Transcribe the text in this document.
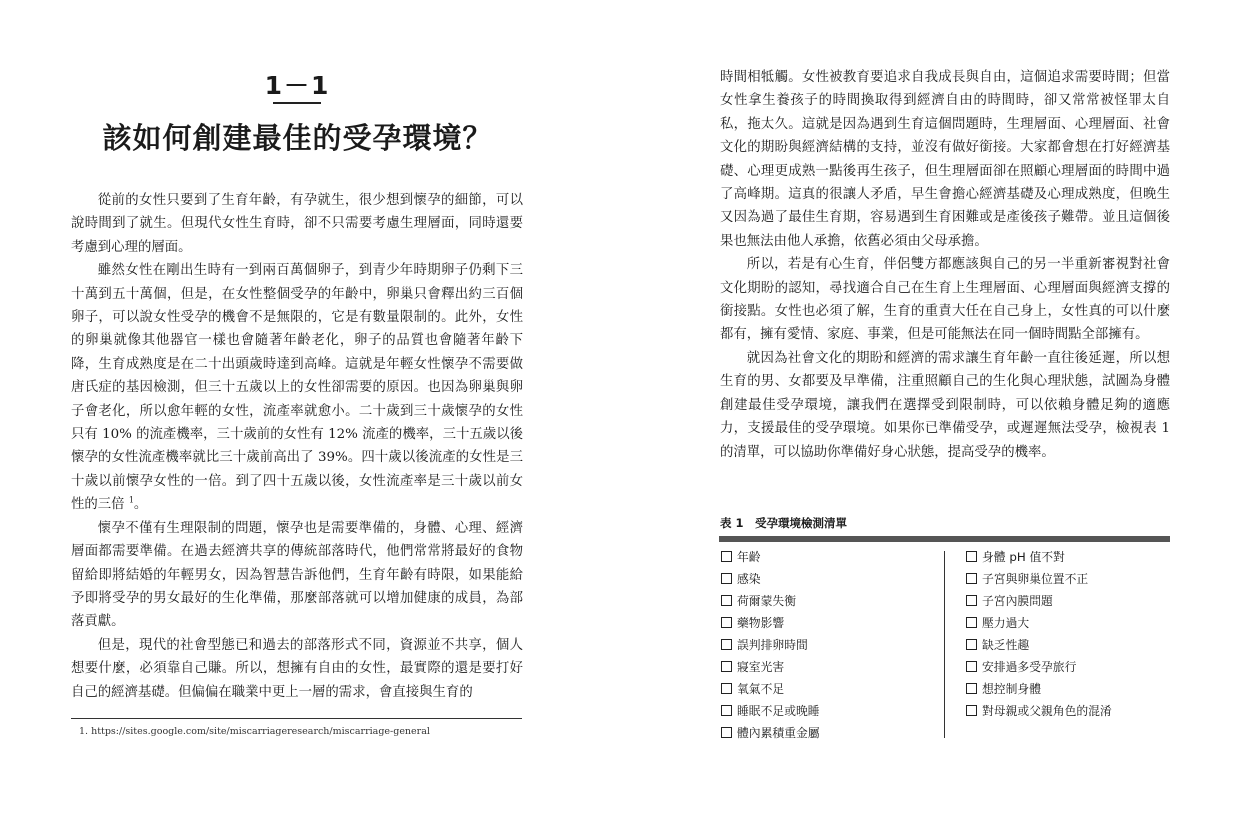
1－1
該如何創建最佳的受孕環境？

從前的女性只要到了生育年齡，有孕就生，很少想到懷孕的細節，可以說時間到了就生。但現代女性生育時，卻不只需要考慮生理層面，同時還要考慮到心理的層面。

雖然女性在剛出生時有一到兩百萬個卵子，到青少年時期卵子仍剩下三十萬到五十萬個，但是，在女性整個受孕的年齡中，卵巢只會釋出約三百個卵子，可以說女性受孕的機會不是無限的，它是有數量限制的。此外，女性的卵巢就像其他器官一樣也會隨著年齡老化，卵子的品質也會隨著年齡下降，生育成熟度是在二十出頭歲時達到高峰。這就是年輕女性懷孕不需要做唐氏症的基因檢測，但三十五歲以上的女性卻需要的原因。也因為卵巢與卵子會老化，所以愈年輕的女性，流產率就愈小。二十歲到三十歲懷孕的女性只有 10% 的流產機率，三十歲前的女性有 12% 流產的機率，三十五歲以後懷孕的女性流產機率就比三十歲前高出了 39%。四十歲以後流產的女性是三十歲以前懷孕女性的一倍。到了四十五歲以後，女性流產率是三十歲以前女性的三倍 $^1$。

懷孕不僅有生理限制的問題，懷孕也是需要準備的，身體、心理、經濟層面都需要準備。在過去經濟共享的傳統部落時代，他們常常將最好的食物留給即將結婚的年輕男女，因為智慧告訴他們，生育年齡有時限，如果能給予即將受孕的男女最好的生化準備，那麼部落就可以增加健康的成員，為部落貢獻。

但是，現代的社會型態已和過去的部落形式不同，資源並不共享，個人想要什麼，必須靠自己賺。所以，想擁有自由的女性，最實際的還是要打好自己的經濟基礎。但偏偏在職業中更上一層的需求，會直接與生育的

1. https://sites.google.com/site/miscarriageresearch/miscarriage-general

時間相牴觸。女性被教育要追求自我成長與自由，這個追求需要時間；但當女性拿生養孩子的時間換取得到經濟自由的時間時，卻又常常被怪罪太自私，拖太久。這就是因為遇到生育這個問題時，生理層面、心理層面、社會文化的期盼與經濟結構的支持，並沒有做好銜接。大家都會想在打好經濟基礎、心理更成熟一點後再生孩子，但生理層面卻在照顧心理層面的時間中過了高峰期。這真的很讓人矛盾，早生會擔心經濟基礎及心理成熟度，但晚生又因為過了最佳生育期，容易遇到生育困難或是產後孩子難帶。並且這個後果也無法由他人承擔，依舊必須由父母承擔。

所以，若是有心生育，伴侶雙方都應該與自己的另一半重新審視對社會文化期盼的認知，尋找適合自己在生育上生理層面、心理層面與經濟支撐的銜接點。女性也必須了解，生育的重責大任在自己身上，女性真的可以什麼都有，擁有愛情、家庭、事業，但是可能無法在同一個時間點全部擁有。

就因為社會文化的期盼和經濟的需求讓生育年齡一直往後延遲，所以想生育的男、女都要及早準備，注重照顧自己的生化與心理狀態，試圖為身體創建最佳受孕環境，讓我們在選擇受到限制時，可以依賴身體足夠的適應力，支援最佳的受孕環境。如果你已準備受孕，或遲遲無法受孕，檢視表 1 的清單，可以協助你準備好身心狀態，提高受孕的機率。

表 1　受孕環境檢測清單
年齡
感染
荷爾蒙失衡
藥物影響
誤判排卵時間
寢室光害
氧氣不足
睡眠不足或晚睡
體內累積重金屬
身體 pH 值不對
子宮與卵巢位置不正
子宮內膜問題
壓力過大
缺乏性趣
安排過多受孕旅行
想控制身體
對母親或父親角色的混淆
